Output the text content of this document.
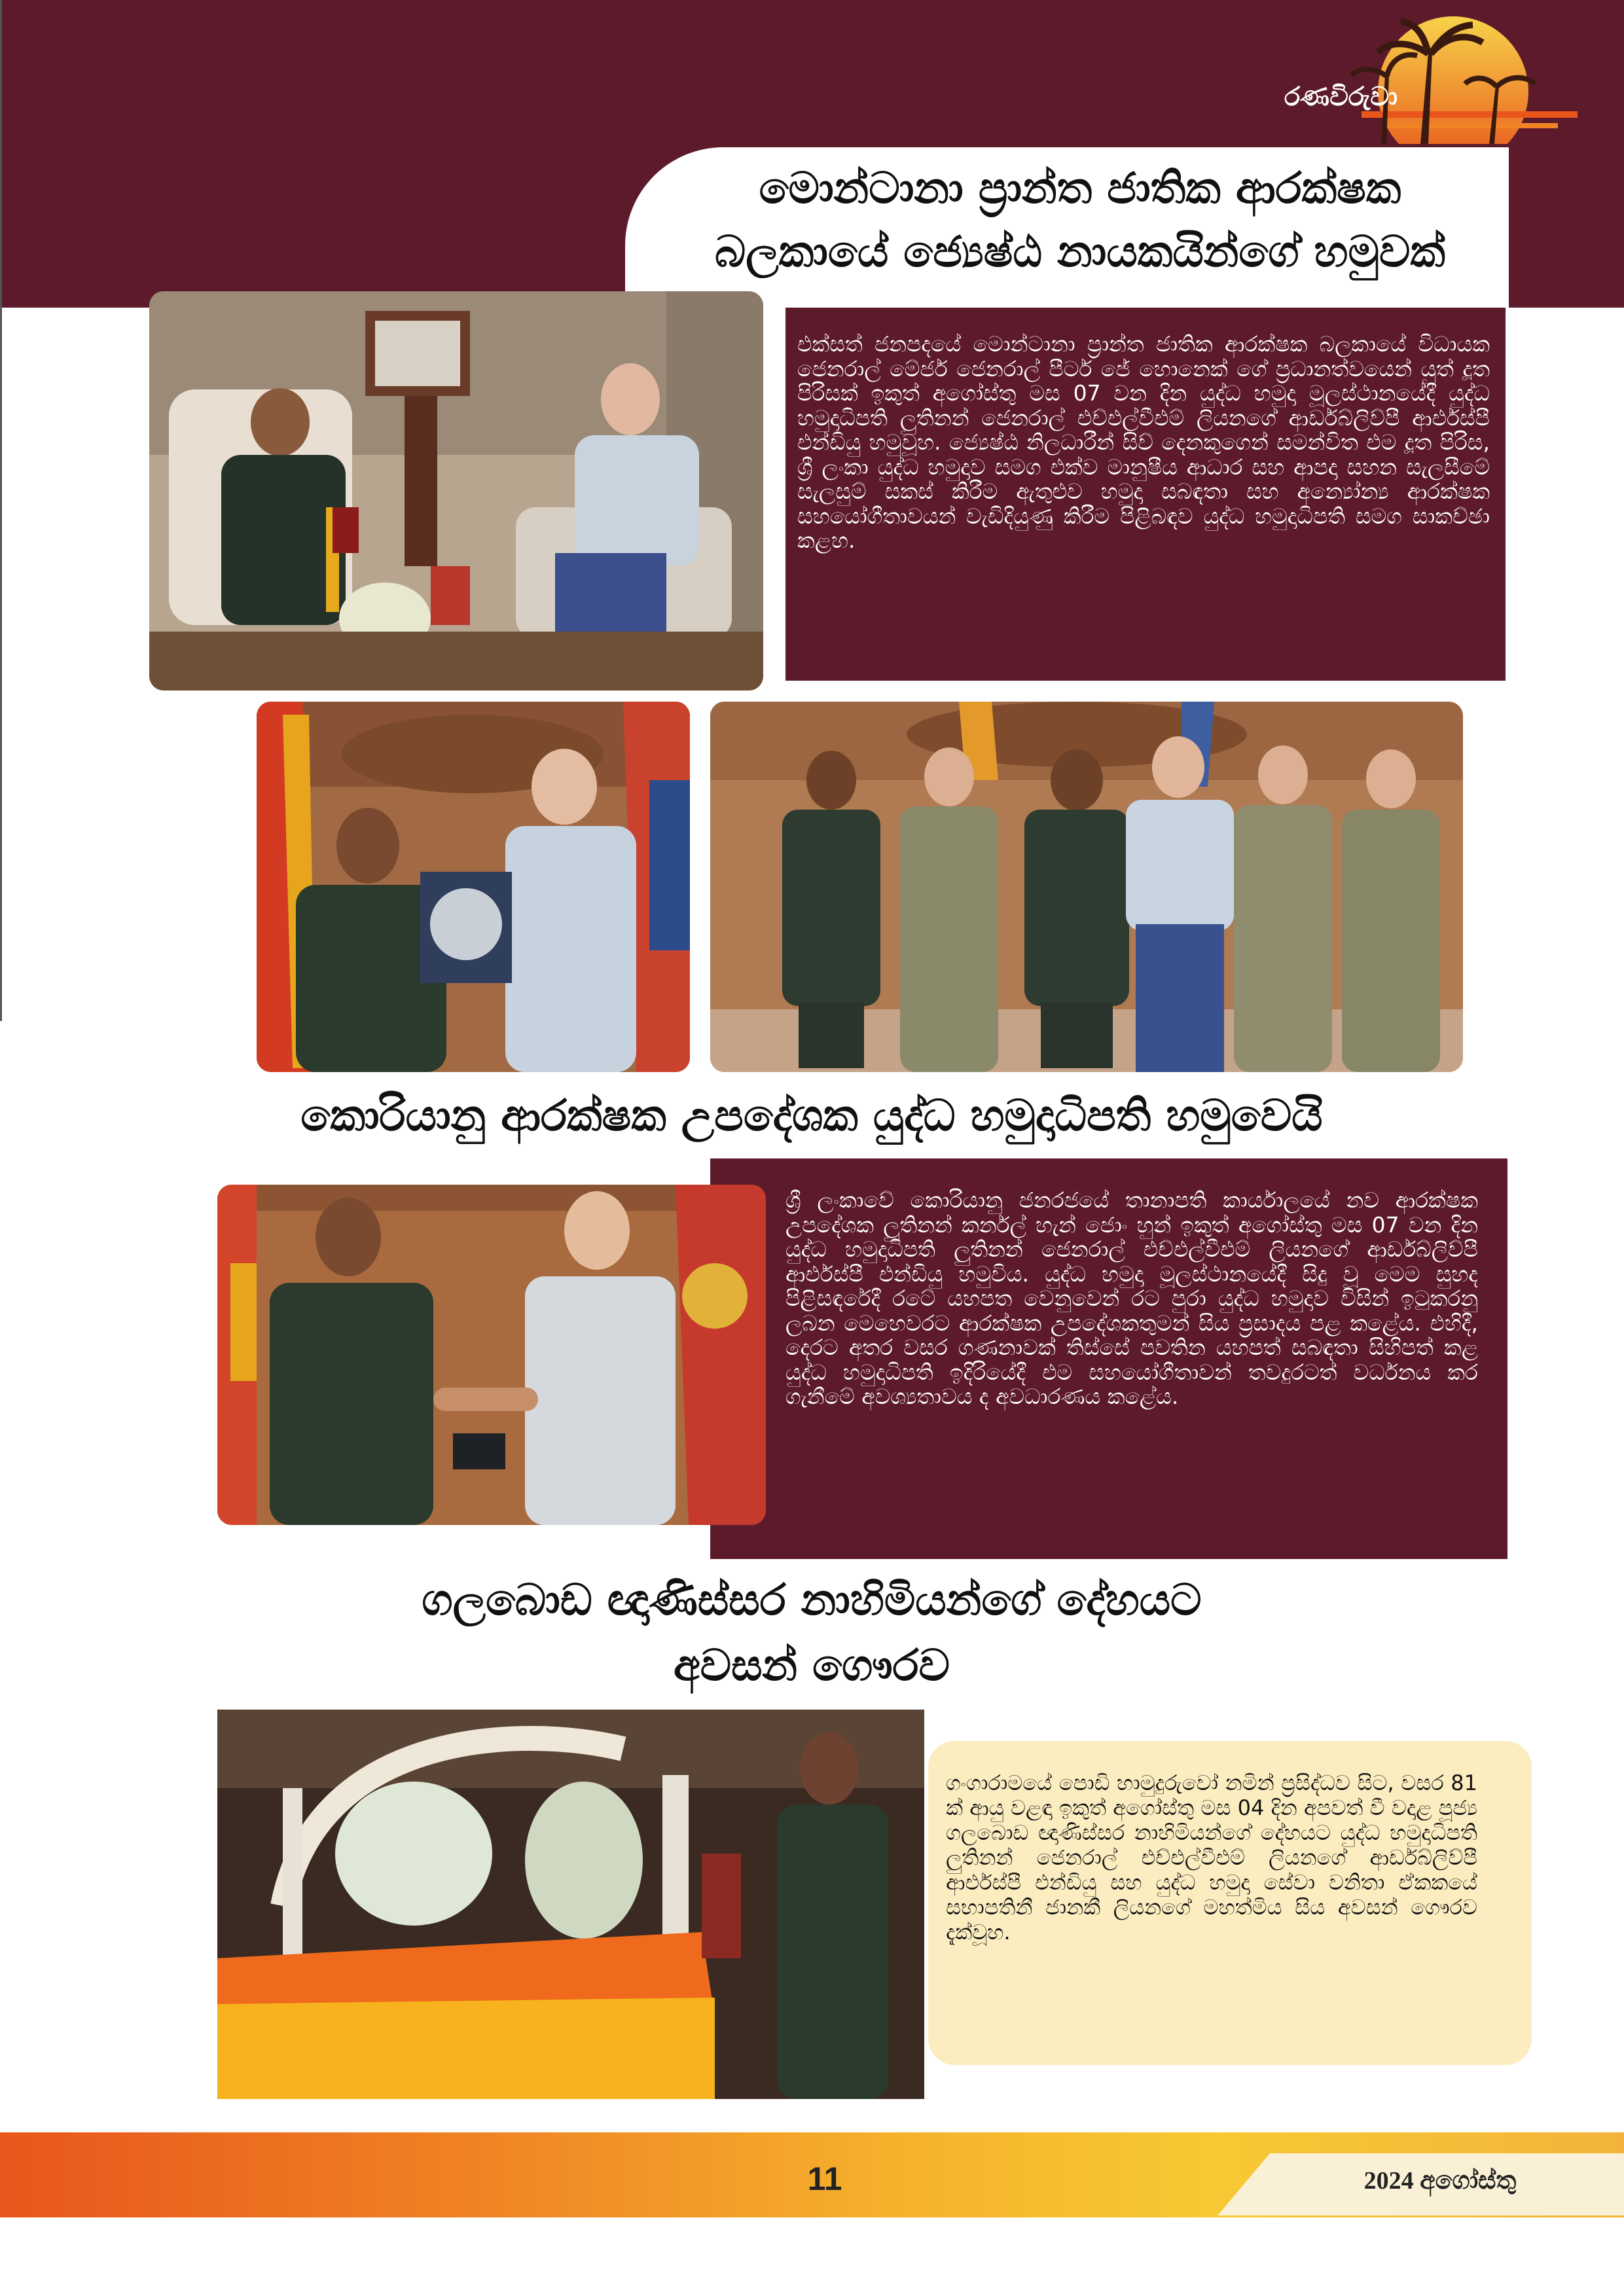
රණවිරුවා
මොන්ටානා ප්‍රාන්ත ජාතික ආරක්ෂක
බලකායේ ජ්‍යෙෂ්ඨ නායකයින්ගේ හමුවක්
එක්සත් ජනපදයේ මොන්ටානා ප්‍රාන්ත ජාතික ආරක්ෂක බලකායේ විධායක ජෙනරාල් මේජර් ජෙනරාල් පීටර් ජේ හොනෙක් ගේ ප්‍රධානත්වයෙන් යුත් දූත පිරිසක් ඉකුත් අගෝස්තු මස 07 වන දින යුද්ධ හමුදා මූලස්ථානයේදී යුද්ධ හමුදාධිපති ලුතිනන් ජෙනරාල් එච්එල්වීඑම් ලියනගේ ආර්ඩබ්ලිව්පී ආර්එස්පී එන්ඩියු හමුවූහ. ජ්‍යෙෂ්ඨ නිලධාරීන් සිව් දෙනකුගෙන් සමන්විත එම දූත පිරිස, ශ්‍රී ලංකා යුද්ධ හමුදාව සමග එක්ව මානුෂීය ආධාර සහ ආපදා සහන සැලසීමේ සැලසුම් සකස් කිරීම ඇතුළුව හමුදා සබඳතා සහ අන්‍යෝන්‍ය ආරක්ෂක සහයෝගීතාවයන් වැඩිදියුණු කිරීම පිළිබඳව යුද්ධ හමුදාධිපති සමග සාකච්ඡා කළහ.
කොරියානු ආරක්ෂක උපදේශක යුද්ධ හමුදාධිපති හමුවෙයි
ශ්‍රී ලංකාවේ කොරියානු ජනරජයේ තානාපති කාර්යාලයේ නව ආරක්ෂක උපදේශක ලුතිනන් කර්නල් හැන් ජොං හුන් ඉකුත් අගෝස්තු මස 07 වන දින යුද්ධ හමුදාධිපති ලුතිනන් ජෙනරාල් එච්එල්වීඑම් ලියනගේ ආර්ඩබ්ලිව්පී ආර්එස්පී එන්ඩියු හමුවිය. යුද්ධ හමුදා මූලස්ථානයේදී සිදු වූ මෙම සුහද පිළිසඳරේදී රටේ යහපත වෙනුවෙන් රට පුරා යුද්ධ හමුදාව විසින් ඉටුකරනු ලබන මෙහෙවරට ආරක්ෂක උපදේශකතුමන් සිය ප්‍රසාදය පළ කළේය. එහිදී, දෙරට අතර වසර ගණනාවක් තිස්සේ පවතින යහපත් සබඳතා සිහිපත් කළ යුද්ධ හමුදාධිපති ඉදිරියේදී එම සහයෝගීතාවන් තවදුරටත් වර්ධනය කර ගැනීමේ අවශ්‍යතාවය ද අවධාරණය කළේය.
ගලබොඩ ඥාණිස්සර නාහිමියන්ගේ දේහයට
අවසන් ගෞරව
ගංගාරාමයේ පොඩි හාමුදුරුවෝ නමින් ප්‍රසිද්ධව සිට, වසර 81 ක් ආයු වළඳා ඉකුත් අගෝස්තු මස 04 දින අපවත් වී වදාළ පූජ්‍ය ගලබොඩ ඥාණිස්සර නාහිමියන්ගේ දේහයට යුද්ධ හමුදාධිපති ලුතිනන් ජෙනරාල් එච්එල්වීඑම් ලියනගේ ආර්ඩබ්ලිව්පී ආර්එස්පී එන්ඩියු සහ යුද්ධ හමුදා සේවා වනිතා ඒකකයේ සභාපතිනී ජානකී ලියනගේ මහත්මිය සිය අවසන් ගෞරව දැක්වූහ.
11	2024 අගෝස්තු
